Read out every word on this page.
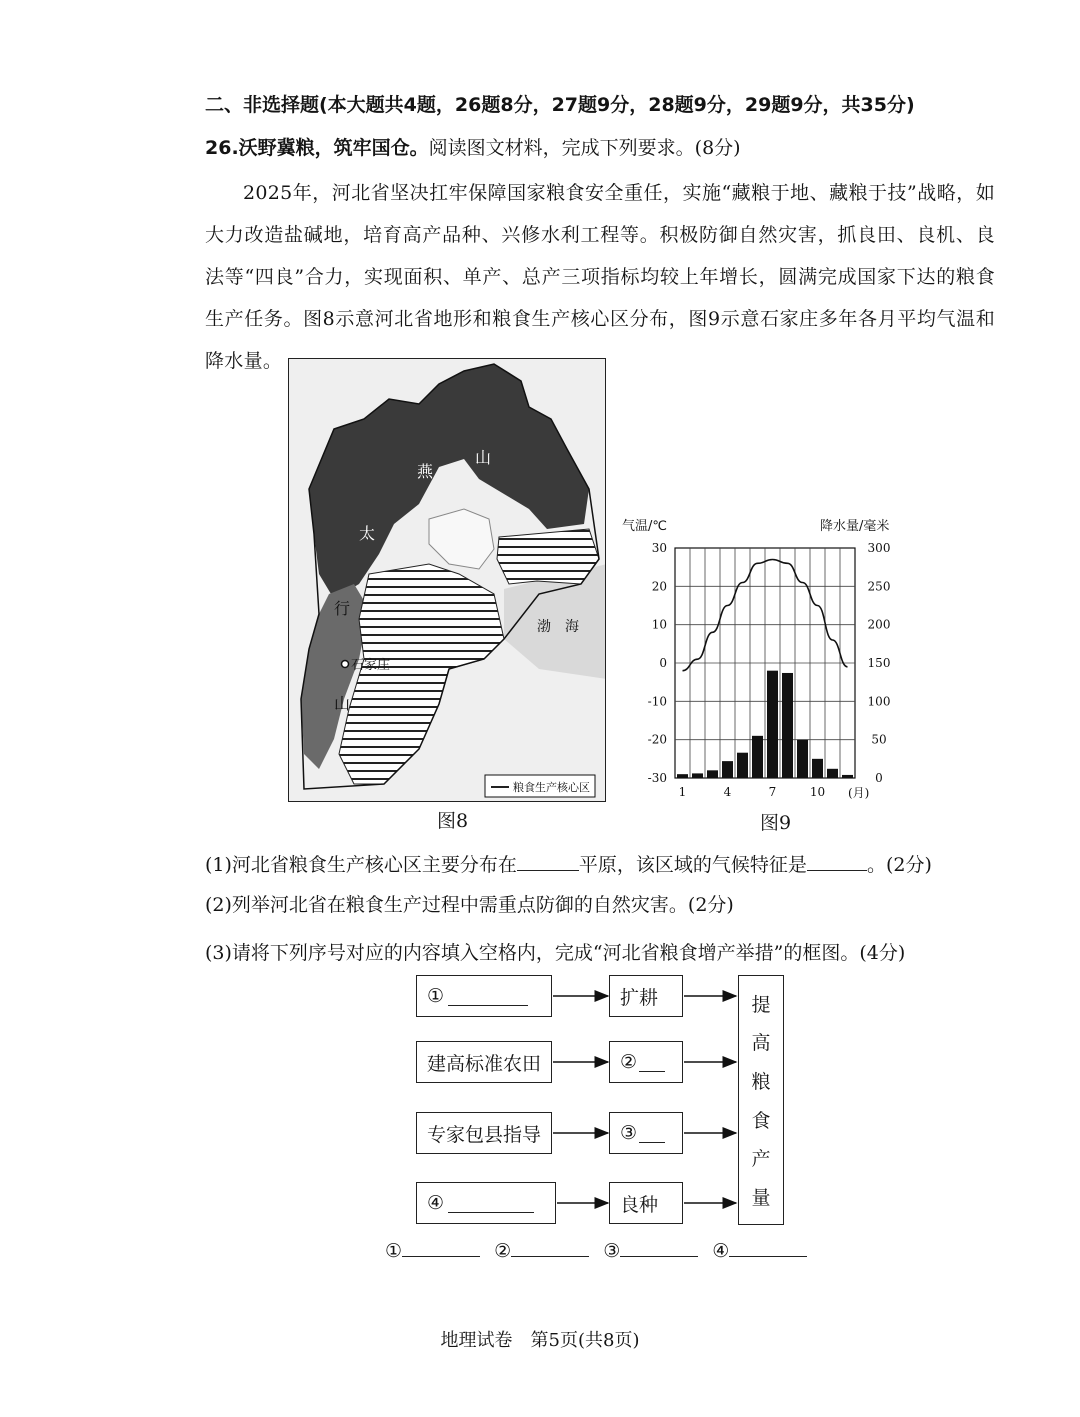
二、非选择题(本大题共4题，26题8分，27题9分，28题9分，29题9分，共35分)
26.沃野冀粮，筑牢国仓。阅读图文材料，完成下列要求。(8分)
2025年，河北省坚决扛牢保障国家粮食安全重任，实施“藏粮于地、藏粮于技”战略，如大力改造盐碱地，培育高产品种、兴修水利工程等。积极防御自然灾害，抓良田、良机、良法等“四良”合力，实现面积、单产、总产三项指标均较上年增长，圆满完成国家下达的粮食生产任务。图8示意河北省地形和粮食生产核心区分布，图9示意石家庄多年各月平均气温和降水量。
燕
山
太
行
山
石家庄
渤　海
粮食生产核心区
图8
气温/℃	降水量/毫米
30
20
10
0
-10
-20
-30
300
250
200
150
100
50
0
1	4	7	10 (月)
图9
(1)河北省粮食生产核心区主要分布在	平原，该区域的气候特征是	。(2分)
(2)列举河北省在粮食生产过程中需重点防御的自然灾害。(2分)
(3)请将下列序号对应的内容填入空格内，完成“河北省粮食增产举措”的框图。(4分)
①
建高标准农田
专家包县指导
④
扩耕
②
③
良种
提
高
粮
食
产
量
①	②	③	④
地理试卷　第5页(共8页)
